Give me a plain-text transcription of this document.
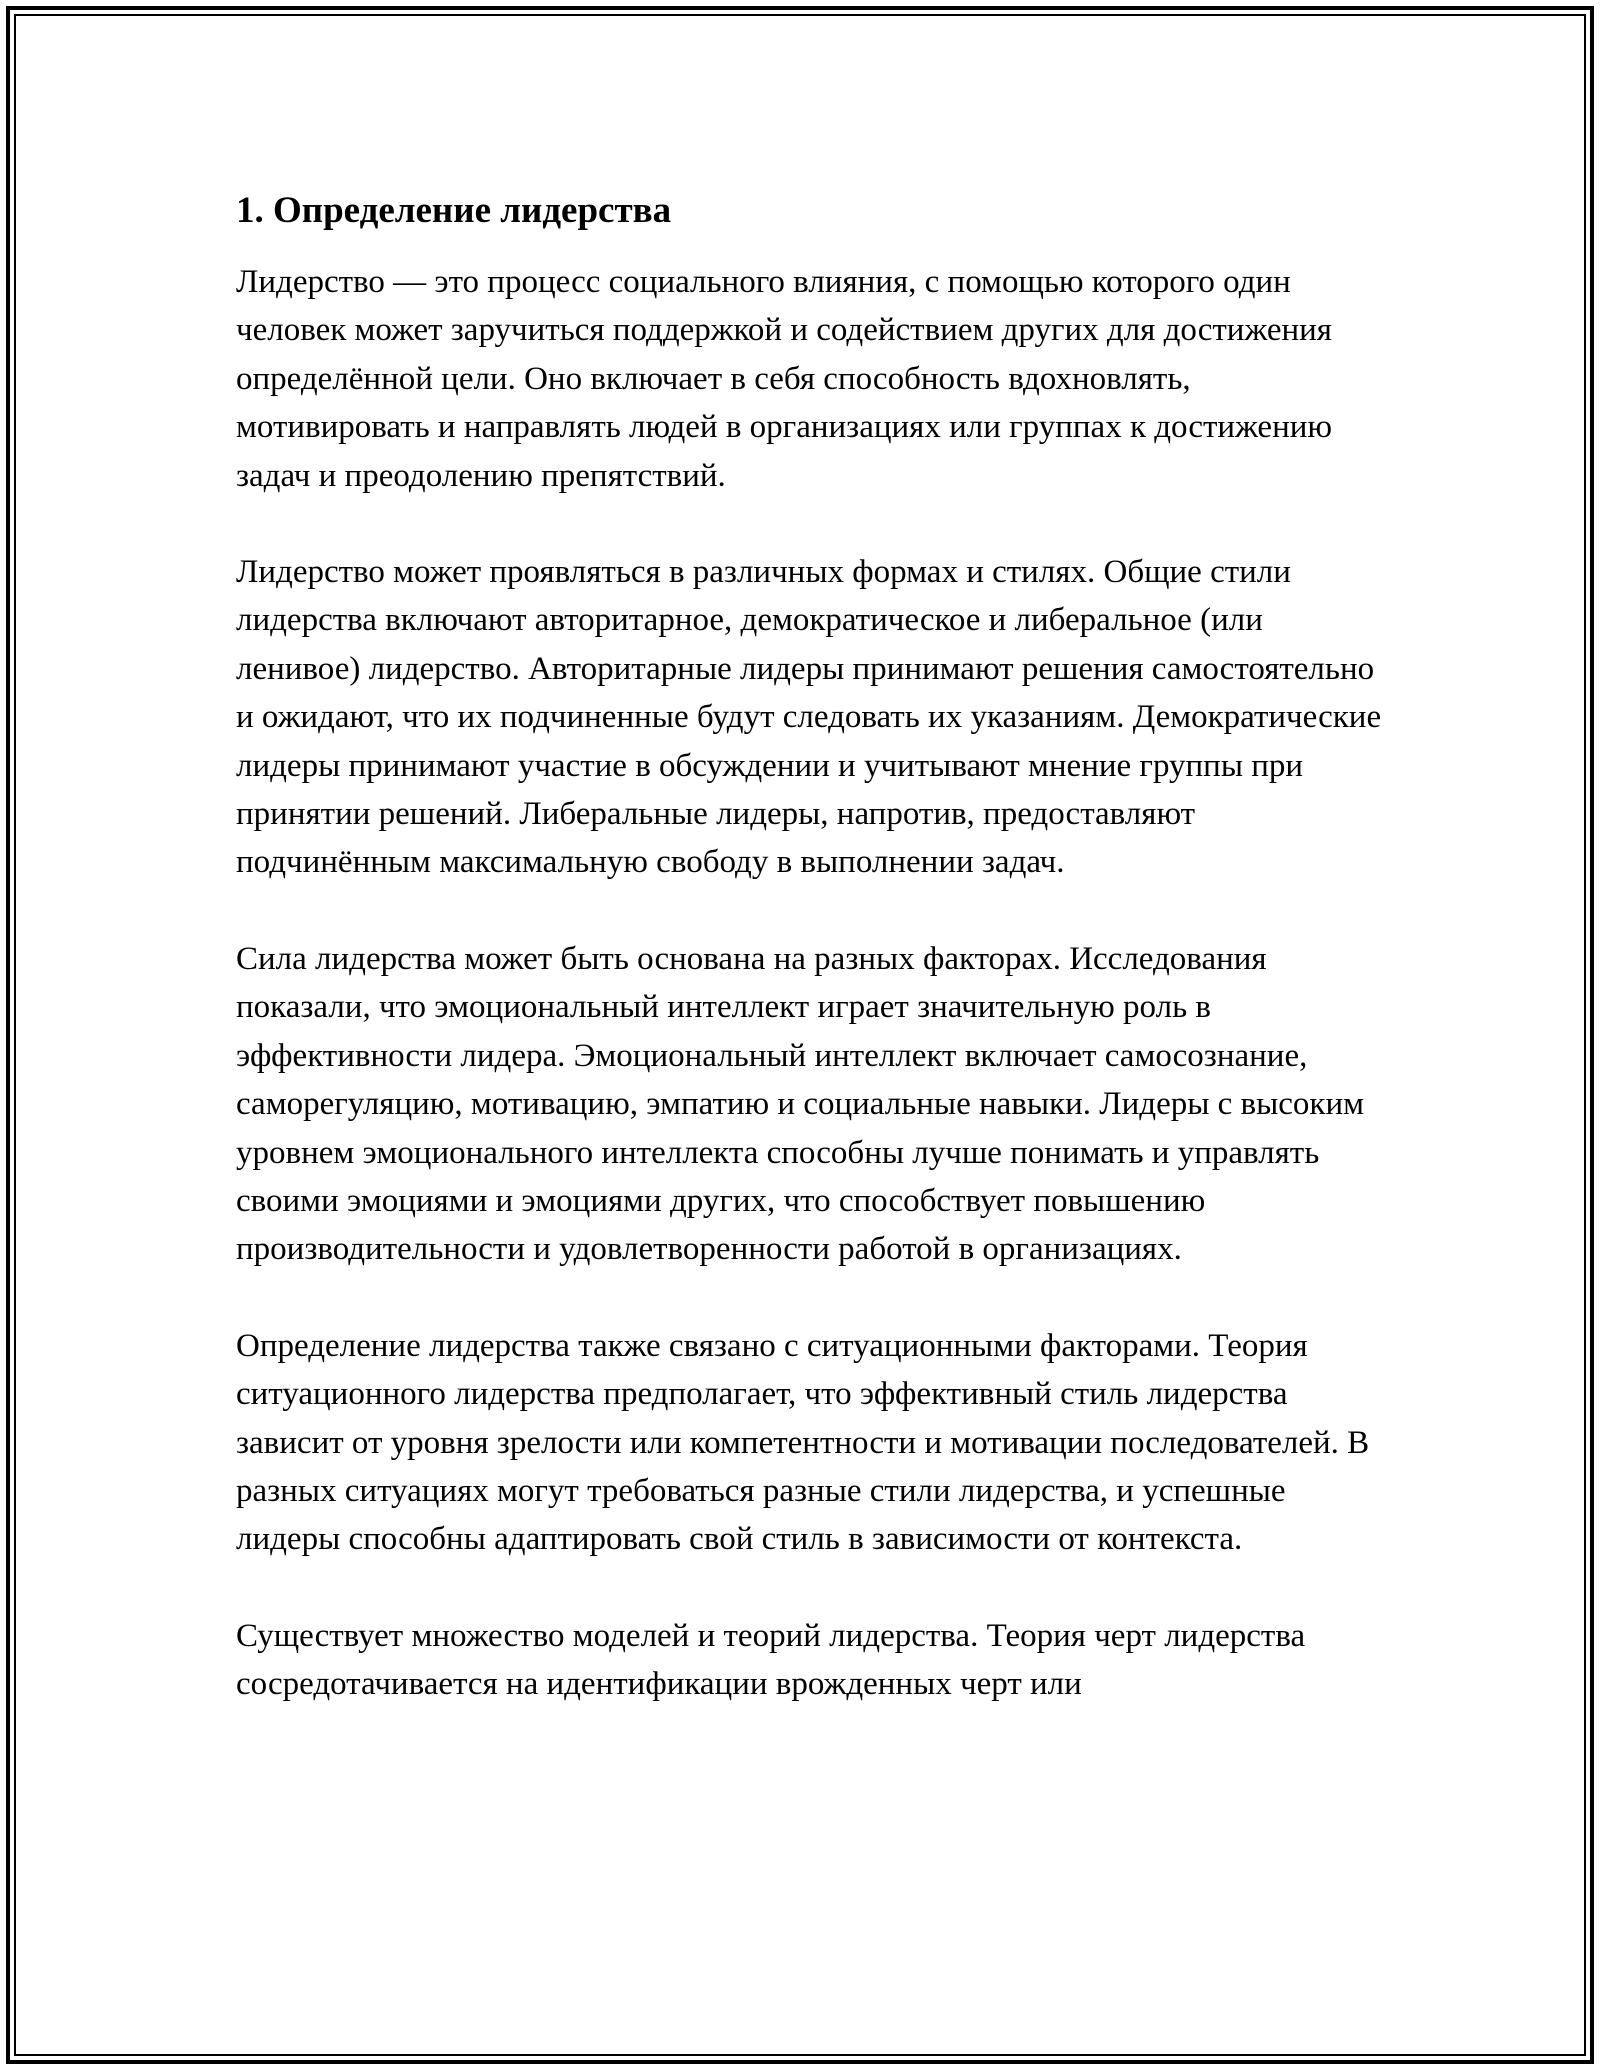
1. Определение лидерства

Лидерство — это процесс социального влияния, с помощью которого один человек может заручиться поддержкой и содействием других для достижения определённой цели. Оно включает в себя способность вдохновлять, мотивировать и направлять людей в организациях или группах к достижению задач и преодолению препятствий.

Лидерство может проявляться в различных формах и стилях. Общие стили лидерства включают авторитарное, демократическое и либеральное (или ленивое) лидерство. Авторитарные лидеры принимают решения самостоятельно и ожидают, что их подчиненные будут следовать их указаниям. Демократические лидеры принимают участие в обсуждении и учитывают мнение группы при принятии решений. Либеральные лидеры, напротив, предоставляют подчинённым максимальную свободу в выполнении задач.

Сила лидерства может быть основана на разных факторах. Исследования показали, что эмоциональный интеллект играет значительную роль в эффективности лидера. Эмоциональный интеллект включает самосознание, саморегуляцию, мотивацию, эмпатию и социальные навыки. Лидеры с высоким уровнем эмоционального интеллекта способны лучше понимать и управлять своими эмоциями и эмоциями других, что способствует повышению производительности и удовлетворенности работой в организациях.

Определение лидерства также связано с ситуационными факторами. Теория ситуационного лидерства предполагает, что эффективный стиль лидерства зависит от уровня зрелости или компетентности и мотивации последователей. В разных ситуациях могут требоваться разные стили лидерства, и успешные лидеры способны адаптировать свой стиль в зависимости от контекста.

Существует множество моделей и теорий лидерства. Теория черт лидерства сосредотачивается на идентификации врожденных черт или
